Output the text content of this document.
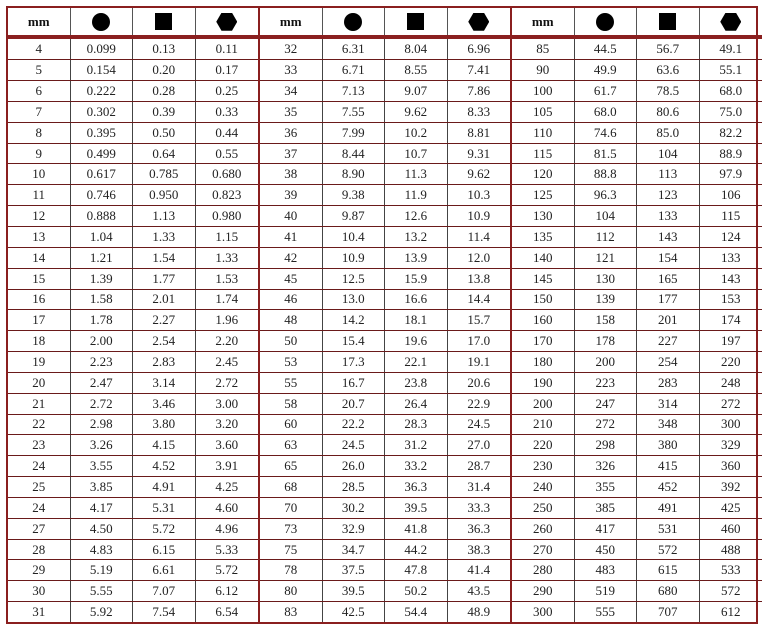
mm
4	0.099	0.13	0.11
5	0.154	0.20	0.17
6	0.222	0.28	0.25
7	0.302	0.39	0.33
8	0.395	0.50	0.44
9	0.499	0.64	0.55
10	0.617	0.785	0.680
11	0.746	0.950	0.823
12	0.888	1.13	0.980
13	1.04	1.33	1.15
14	1.21	1.54	1.33
15	1.39	1.77	1.53
16	1.58	2.01	1.74
17	1.78	2.27	1.96
18	2.00	2.54	2.20
19	2.23	2.83	2.45
20	2.47	3.14	2.72
21	2.72	3.46	3.00
22	2.98	3.80	3.20
23	3.26	4.15	3.60
24	3.55	4.52	3.91
25	3.85	4.91	4.25
24	4.17	5.31	4.60
27	4.50	5.72	4.96
28	4.83	6.15	5.33
29	5.19	6.61	5.72
30	5.55	7.07	6.12
31	5.92	7.54	6.54
mm
32	6.31	8.04	6.96
33	6.71	8.55	7.41
34	7.13	9.07	7.86
35	7.55	9.62	8.33
36	7.99	10.2	8.81
37	8.44	10.7	9.31
38	8.90	11.3	9.62
39	9.38	11.9	10.3
40	9.87	12.6	10.9
41	10.4	13.2	11.4
42	10.9	13.9	12.0
45	12.5	15.9	13.8
46	13.0	16.6	14.4
48	14.2	18.1	15.7
50	15.4	19.6	17.0
53	17.3	22.1	19.1
55	16.7	23.8	20.6
58	20.7	26.4	22.9
60	22.2	28.3	24.5
63	24.5	31.2	27.0
65	26.0	33.2	28.7
68	28.5	36.3	31.4
70	30.2	39.5	33.3
73	32.9	41.8	36.3
75	34.7	44.2	38.3
78	37.5	47.8	41.4
80	39.5	50.2	43.5
83	42.5	54.4	48.9
mm
85	44.5	56.7	49.1
90	49.9	63.6	55.1
100	61.7	78.5	68.0
105	68.0	80.6	75.0
110	74.6	85.0	82.2
115	81.5	104	88.9
120	88.8	113	97.9
125	96.3	123	106
130	104	133	115
135	112	143	124
140	121	154	133
145	130	165	143
150	139	177	153
160	158	201	174
170	178	227	197
180	200	254	220
190	223	283	248
200	247	314	272
210	272	348	300
220	298	380	329
230	326	415	360
240	355	452	392
250	385	491	425
260	417	531	460
270	450	572	488
280	483	615	533
290	519	680	572
300	555	707	612
